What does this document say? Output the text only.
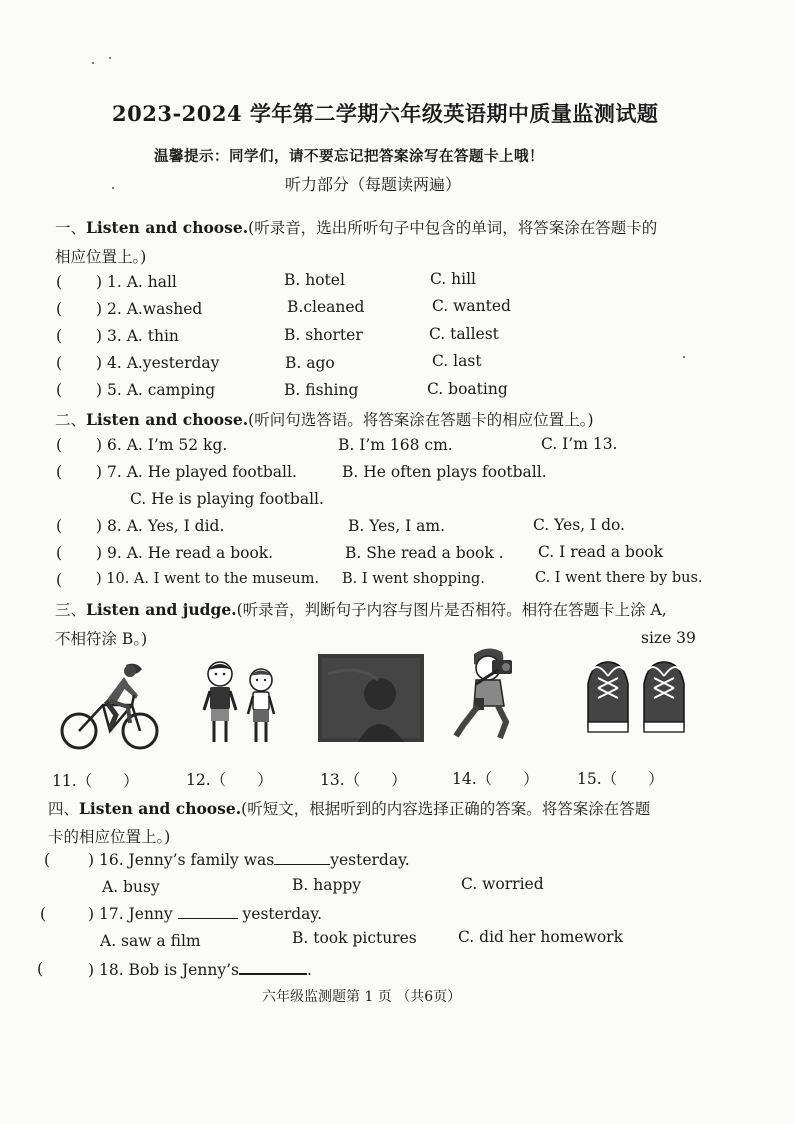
2023-2024 学年第二学期六年级英语期中质量监测试题
温馨提示：同学们，请不要忘记把答案涂写在答题卡上哦！
听力部分（每题读两遍）
一、Listen and choose.(听录音，选出所听句子中包含的单词，将答案涂在答题卡的
相应位置上。)
( ) 1. A. hall	B. hotel	C. hill
( ) 2. A.washed	B.cleaned	C. wanted
( ) 3. A. thin	B. shorter	C. tallest
( ) 4. A.yesterday	B. ago	C. last
( ) 5. A. camping	B. fishing	C. boating
二、Listen and choose.(听问句选答语。将答案涂在答题卡的相应位置上。)
( ) 6. A. I’m 52 kg.	B. I’m 168 cm.	C. I’m 13.
( ) 7. A. He played football.	B. He often plays football.
C. He is playing football.
( ) 8. A. Yes, I did.	B. Yes, I am.	C. Yes, I do.
( ) 9. A. He read a book.	B. She read a book . C. I read a book
( ) 10. A. I went to the museum. B. I went shopping.	C. I went there by bus.
三、Listen and judge.(听录音，判断句子内容与图片是否相符。相符在答题卡上涂 A,
不相符涂 B。)	size 39
11.（　　）	12.（　　）	13.（　　）	14.（　　） 15.（　　）
四、Listen and choose.(听短文，根据听到的内容选择正确的答案。将答案涂在答题
卡的相应位置上。)
( ) 16. Jenny’s family was	yesterday.
A. busy	B. happy	C. worried
(	) 17. Jenny	yesterday.
A. saw a film	B. took pictures	C. did her homework
(	) 18. Bob is Jenny’s	.
六年级监测题第 1 页 （共6页）
